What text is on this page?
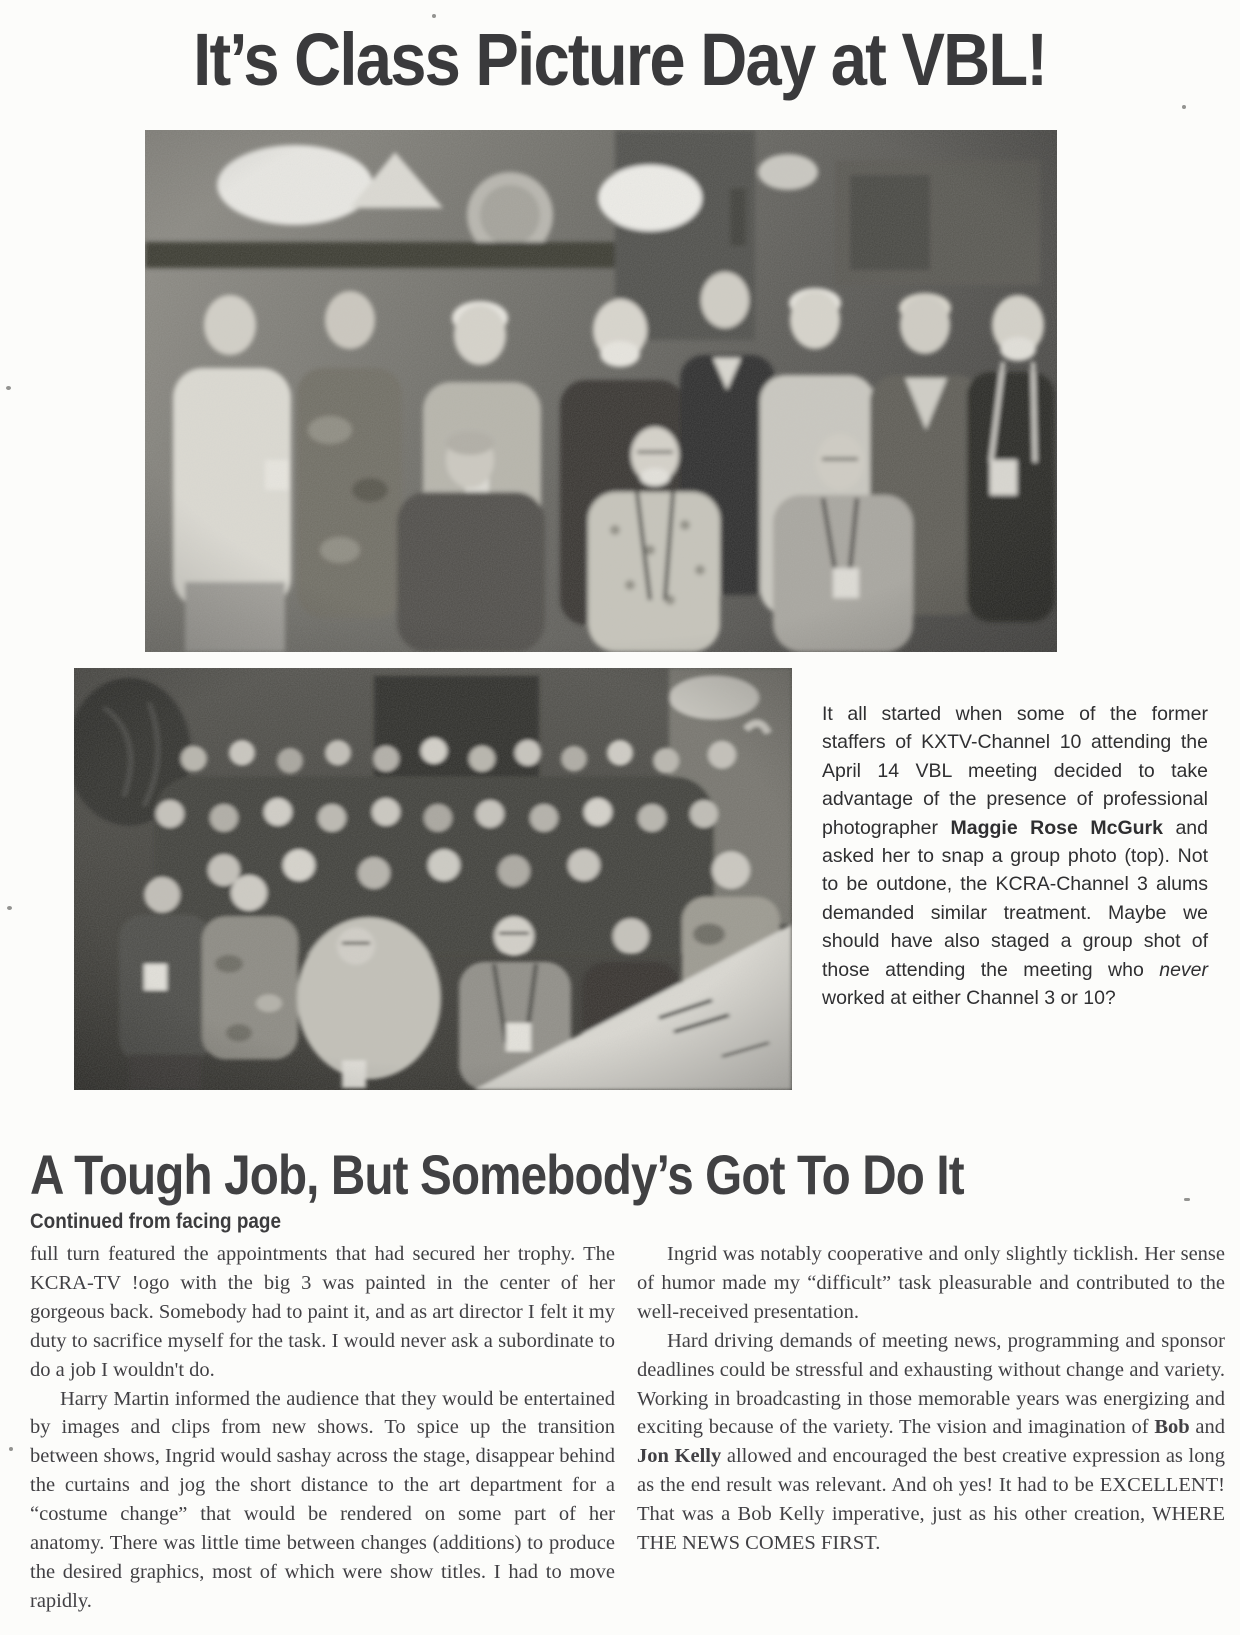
It’s Class Picture Day at VBL!
It all started when some of the former staffers of KXTV-Channel 10 attending the April 14 VBL meeting decided to take advantage of the presence of professional photographer Maggie Rose McGurk and asked her to snap a group photo (top). Not to be outdone, the KCRA-Channel 3 alums demanded similar treatment. Maybe we should have also staged a group shot of those attending the meeting who never worked at either Channel 3 or 10?
A Tough Job, But Somebody’s Got To Do It
Continued from facing page

full turn featured the appointments that had secured her trophy. The KCRA-TV !ogo with the big 3 was painted in the center of her gorgeous back. Somebody had to paint it, and as art director I felt it my duty to sacrifice myself for the task. I would never ask a subordinate to do a job I wouldn't do.

Harry Martin informed the audience that they would be entertained by images and clips from new shows. To spice up the transition between shows, Ingrid would sashay across the stage, disappear behind the curtains and jog the short distance to the art department for a “costume change” that would be rendered on some part of her anatomy. There was little time between changes (additions) to produce the desired graphics, most of which were show titles. I had to move rapidly.

Ingrid was notably cooperative and only slightly ticklish. Her sense of humor made my “difficult” task pleasurable and contributed to the well-received presentation.

Hard driving demands of meeting news, programming and sponsor deadlines could be stressful and exhausting without change and variety. Working in broadcasting in those memorable years was energizing and exciting because of the variety. The vision and imagination of Bob and Jon Kelly allowed and encouraged the best creative expression as long as the end result was relevant. And oh yes! It had to be EXCELLENT! That was a Bob Kelly imperative, just as his other creation, WHERE THE NEWS COMES FIRST.
